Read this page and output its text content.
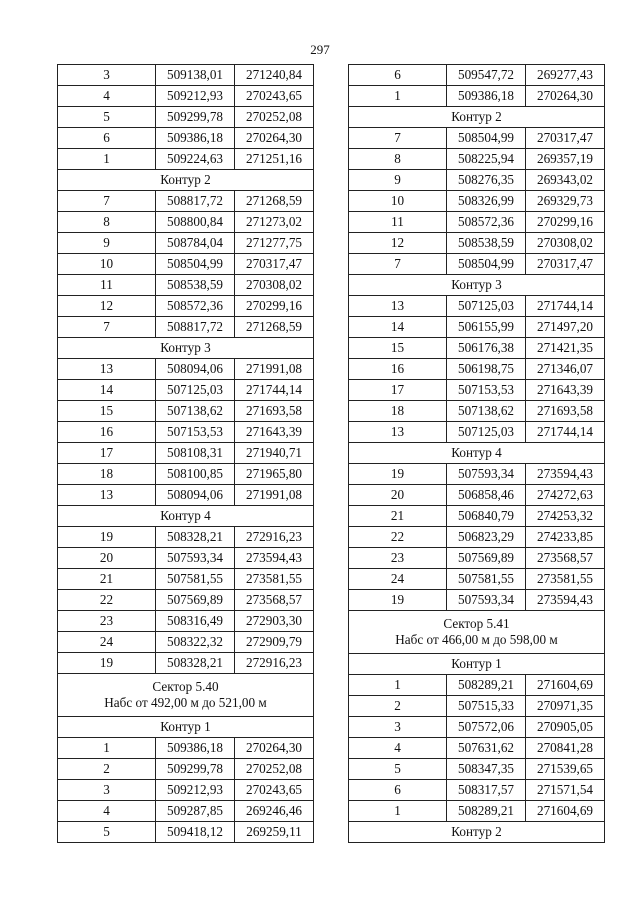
297
3	509138,01	271240,84
4	509212,93	270243,65
5	509299,78	270252,08
6	509386,18	270264,30
1	509224,63	271251,16
Контур 2		
7	508817,72	271268,59
8	508800,84	271273,02
9	508784,04	271277,75
10	508504,99	270317,47
11	508538,59	270308,02
12	508572,36	270299,16
7	508817,72	271268,59
Контур 3		
13	508094,06	271991,08
14	507125,03	271744,14
15	507138,62	271693,58
16	507153,53	271643,39
17	508108,31	271940,71
18	508100,85	271965,80
13	508094,06	271991,08
Контур 4		
19	508328,21	272916,23
20	507593,34	273594,43
21	507581,55	273581,55
22	507569,89	273568,57
23	508316,49	272903,30
24	508322,32	272909,79
19	508328,21	272916,23

Сектор 5.40
Набс от 492,00 м до 521,00 м		

Контур 1		
1	509386,18	270264,30
2	509299,78	270252,08
3	509212,93	270243,65
4	509287,85	269246,46
5	509418,12	269259,11
6	509547,72	269277,43
1	509386,18	270264,30
Контур 2		
7	508504,99	270317,47
8	508225,94	269357,19
9	508276,35	269343,02
10	508326,99	269329,73
11	508572,36	270299,16
12	508538,59	270308,02
7	508504,99	270317,47
Контур 3		
13	507125,03	271744,14
14	506155,99	271497,20
15	506176,38	271421,35
16	506198,75	271346,07
17	507153,53	271643,39
18	507138,62	271693,58
13	507125,03	271744,14
Контур 4		
19	507593,34	273594,43
20	506858,46	274272,63
21	506840,79	274253,32
22	506823,29	274233,85
23	507569,89	273568,57
24	507581,55	273581,55
19	507593,34	273594,43

Сектор 5.41
Набс от 466,00 м до 598,00 м		

Контур 1		
1	508289,21	271604,69
2	507515,33	270971,35
3	507572,06	270905,05
4	507631,62	270841,28
5	508347,35	271539,65
6	508317,57	271571,54
1	508289,21	271604,69
Контур 2		
